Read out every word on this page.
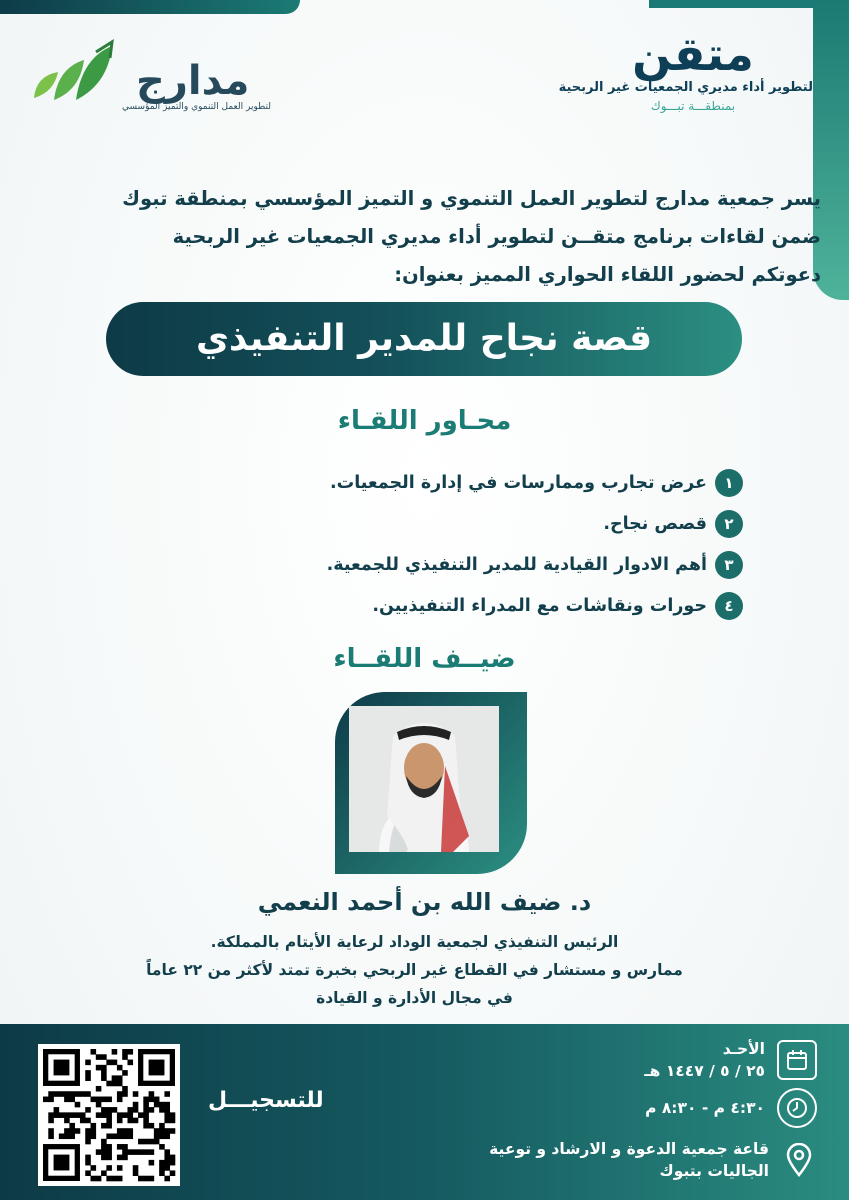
مدارج
لتطوير العمل التنموي والتميز المؤسسي
متقن
لتطوير أداء مديري الجمعيات غير الربحية
بمنطقـــة تبـــوك
يسر جمعية مدارج لتطوير العمل التنموي و التميز المؤسسي بمنطقة تبوك
ضمن لقاءات برنامج متقــن لتطوير أداء مديري الجمعيات غير الربحية
دعوتكم لحضور اللقاء الحواري المميز بعنوان:
قصة نجاح للمدير التنفيذي
محـاور اللقـاء
١
عرض تجارب وممارسات في إدارة الجمعيات.
٢
قصص نجاح.
٣
أهم الادوار القيادية للمدير التنفيذي للجمعية.
٤
حورات ونقاشات مع المدراء التنفيذيين.
ضيــف اللقــاء
د. ضيف الله بن أحمد النعمي
الرئيس التنفيذي لجمعية الوداد لرعاية الأيتام بالمملكة.
ممارس و مستشار في القطاع غير الربحي بخبرة تمتد لأكثر من ٢٢ عاماً
في مجال الأدارة و القيادة
للتسجيـــل
الأحـد
٢٥ / ٥ / ١٤٤٧ هـ
٤:٣٠ م - ٨:٣٠ م
قاعة جمعية الدعوة و الارشاد و توعية
الجاليات بتبوك
